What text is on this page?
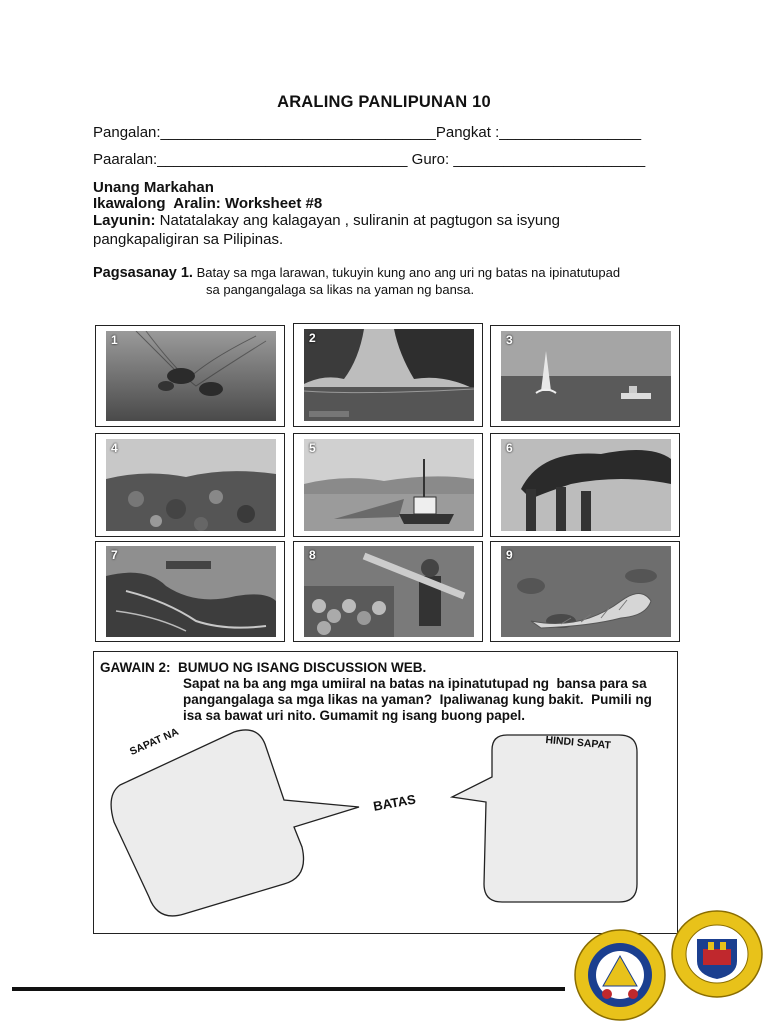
ARALING PANLIPUNAN 10
Pangalan:_________________________________Pangkat :_________________
Paaralan:______________________________ Guro: _______________________
Unang Markahan
Ikawalong  Aralin: Worksheet #8
Layunin: Natatalakay ang kalagayan , suliranin at pagtugon sa isyung
pangkapaligiran sa Pilipinas.
Pagsasanay 1. Batay sa mga larawan, tukuyin kung ano ang uri ng batas na ipinatutupad
sa pangangalaga sa likas na yaman ng bansa.
1	2	3
4	5	6
7	8	9
GAWAIN 2:  BUMUO NG ISANG DISCUSSION WEB.
Sapat na ba ang mga umiiral na batas na ipinatutupad ng  bansa para sa
pangangalaga sa mga likas na yaman?  Ipaliwanag kung bakit.  Pumili ng
isa sa bawat uri nito. Gumamit ng isang buong papel.
SAPAT NA	HINDI SAPAT
BATAS
